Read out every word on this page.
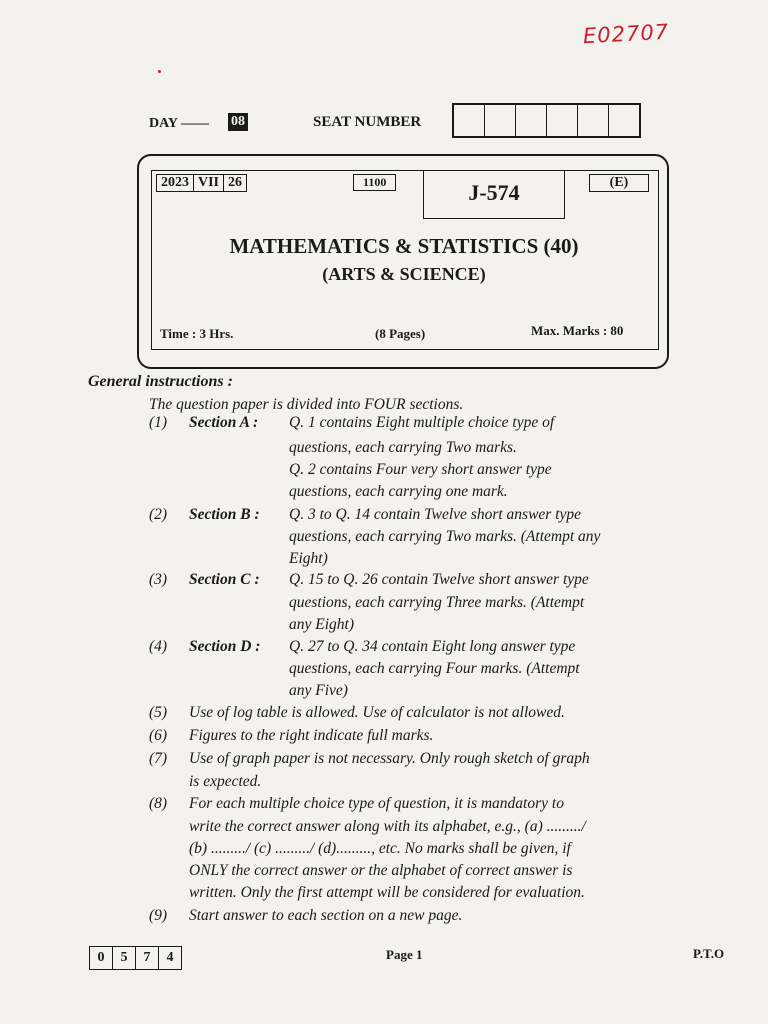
E02707
DAY —— 08	SEAT NUMBER
2023 VII 26	1100	J-574	(E)
MATHEMATICS & STATISTICS (40)
(ARTS & SCIENCE)
Time : 3 Hrs.	(8 Pages)	Max. Marks : 80
General instructions :
The question paper is divided into FOUR sections.
(1) Section A : Q. 1 contains Eight multiple choice type of
questions, each carrying Two marks.
Q. 2 contains Four very short answer type
questions, each carrying one mark.
(2) Section B : Q. 3 to Q. 14 contain Twelve short answer type
questions, each carrying Two marks. (Attempt any
Eight)
(3) Section C : Q. 15 to Q. 26 contain Twelve short answer type
questions, each carrying Three marks. (Attempt
any Eight)
(4) Section D : Q. 27 to Q. 34 contain Eight long answer type
questions, each carrying Four marks. (Attempt
any Five)
(5) Use of log table is allowed. Use of calculator is not allowed.
(6) Figures to the right indicate full marks.
(7) Use of graph paper is not necessary. Only rough sketch of graph
is expected.
(8) For each multiple choice type of question, it is mandatory to
write the correct answer along with its alphabet, e.g., (a) ........./
(b) ........./ (c) ........./ (d)........., etc. No marks shall be given, if
ONLY the correct answer or the alphabet of correct answer is
written. Only the first attempt will be considered for evaluation.
(9) Start answer to each section on a new page.
0	5	7	4	Page 1	P.T.O
